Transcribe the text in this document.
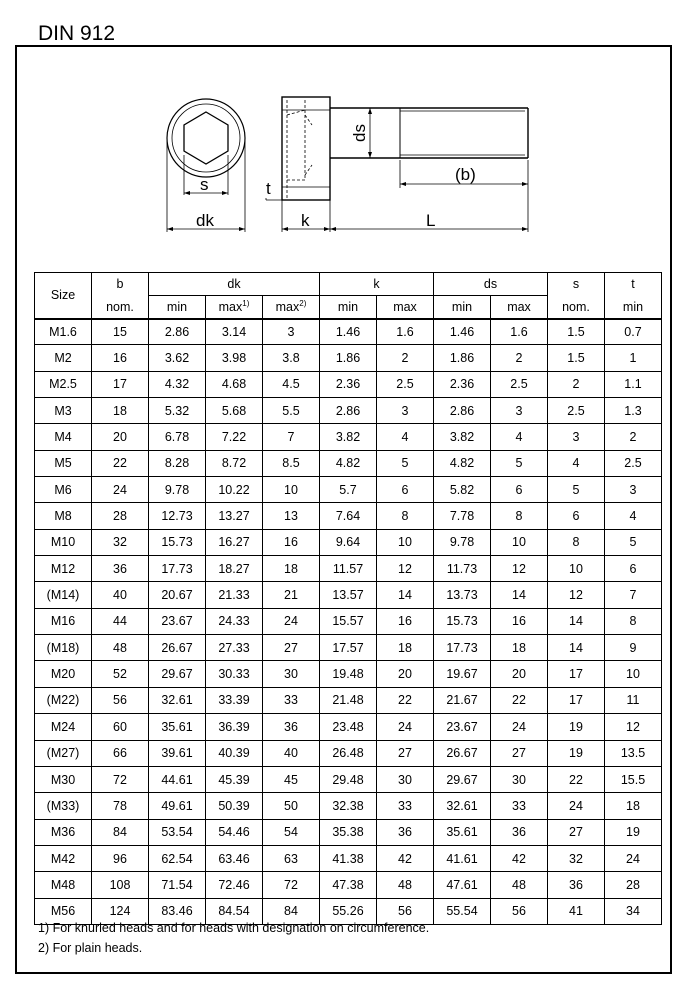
DIN 912
s
dk
t
k	L
(b)
ds
Size	b	dk			k		ds		s	t
	nom.	min	$\max^{1)}$	$\max^{2)}$	min	max	min	max	nom.	min
M1.6	15	2.86	3.14	3	1.46	1.6	1.46	1.6	1.5	0.7
M2	16	3.62	3.98	3.8	1.86	2	1.86	2	1.5	1
M2.5	17	4.32	4.68	4.5	2.36	2.5	2.36	2.5	2	1.1
M3	18	5.32	5.68	5.5	2.86	3	2.86	3	2.5	1.3
M4	20	6.78	7.22	7	3.82	4	3.82	4	3	2
M5	22	8.28	8.72	8.5	4.82	5	4.82	5	4	2.5
M6	24	9.78	10.22	10	5.7	6	5.82	6	5	3
M8	28	12.73	13.27	13	7.64	8	7.78	8	6	4
M10	32	15.73	16.27	16	9.64	10	9.78	10	8	5
M12	36	17.73	18.27	18	11.57	12	11.73	12	10	6
(M14)	40	20.67	21.33	21	13.57	14	13.73	14	12	7
M16	44	23.67	24.33	24	15.57	16	15.73	16	14	8
(M18)	48	26.67	27.33	27	17.57	18	17.73	18	14	9
M20	52	29.67	30.33	30	19.48	20	19.67	20	17	10
(M22)	56	32.61	33.39	33	21.48	22	21.67	22	17	11
M24	60	35.61	36.39	36	23.48	24	23.67	24	19	12
(M27)	66	39.61	40.39	40	26.48	27	26.67	27	19	13.5
M30	72	44.61	45.39	45	29.48	30	29.67	30	22	15.5
(M33)	78	49.61	50.39	50	32.38	33	32.61	33	24	18
M36	84	53.54	54.46	54	35.38	36	35.61	36	27	19
M42	96	62.54	63.46	63	41.38	42	41.61	42	32	24
M48	108	71.54	72.46	72	47.38	48	47.61	48	36	28
M56	124	83.46	84.54	84	55.26	56	55.54	56	41	34
1) For knurled heads and for heads with designation on circumference.
2) For plain heads.
